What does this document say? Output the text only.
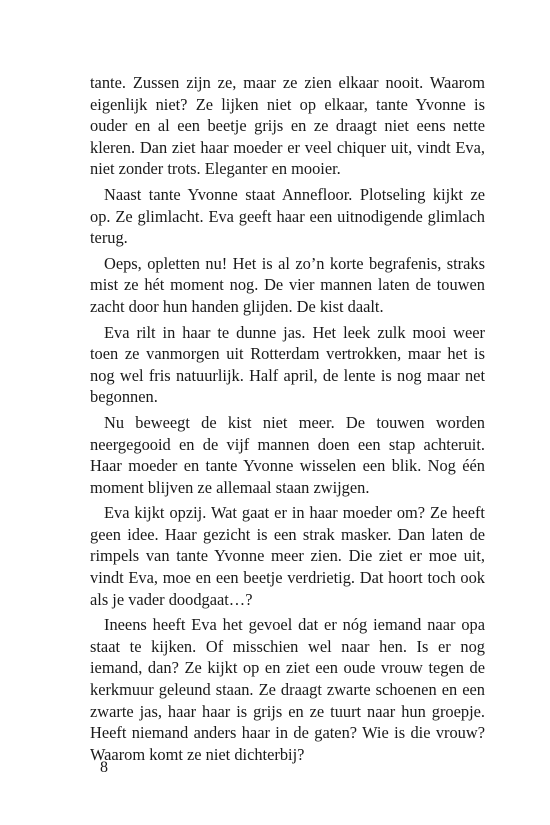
tante. Zussen zijn ze, maar ze zien elkaar nooit. Waarom eigenlijk niet? Ze lijken niet op elkaar, tante Yvonne is ouder en al een beetje grijs en ze draagt niet eens nette kleren. Dan ziet haar moeder er veel chiquer uit, vindt Eva, niet zonder trots. Eleganter en mooier.

Naast tante Yvonne staat Annefloor. Plotseling kijkt ze op. Ze glimlacht. Eva geeft haar een uitnodigende glimlach terug.

Oeps, opletten nu! Het is al zo’n korte begrafenis, straks mist ze hét moment nog. De vier mannen laten de touwen zacht door hun handen glijden. De kist daalt.

Eva rilt in haar te dunne jas. Het leek zulk mooi weer toen ze vanmorgen uit Rotterdam vertrokken, maar het is nog wel fris natuurlijk. Half april, de lente is nog maar net begonnen.

Nu beweegt de kist niet meer. De touwen worden neergegooid en de vijf mannen doen een stap achteruit. Haar moeder en tante Yvonne wisselen een blik. Nog één moment blijven ze allemaal staan zwijgen.

Eva kijkt opzij. Wat gaat er in haar moeder om? Ze heeft geen idee. Haar gezicht is een strak masker. Dan laten de rimpels van tante Yvonne meer zien. Die ziet er moe uit, vindt Eva, moe en een beetje verdrietig. Dat hoort toch ook als je vader doodgaat…?

Ineens heeft Eva het gevoel dat er nóg iemand naar opa staat te kijken. Of misschien wel naar hen. Is er nog iemand, dan? Ze kijkt op en ziet een oude vrouw tegen de kerkmuur geleund staan. Ze draagt zwarte schoenen en een zwarte jas, haar haar is grijs en ze tuurt naar hun groepje. Heeft niemand anders haar in de gaten? Wie is die vrouw? Waarom komt ze niet dichterbij?

8
